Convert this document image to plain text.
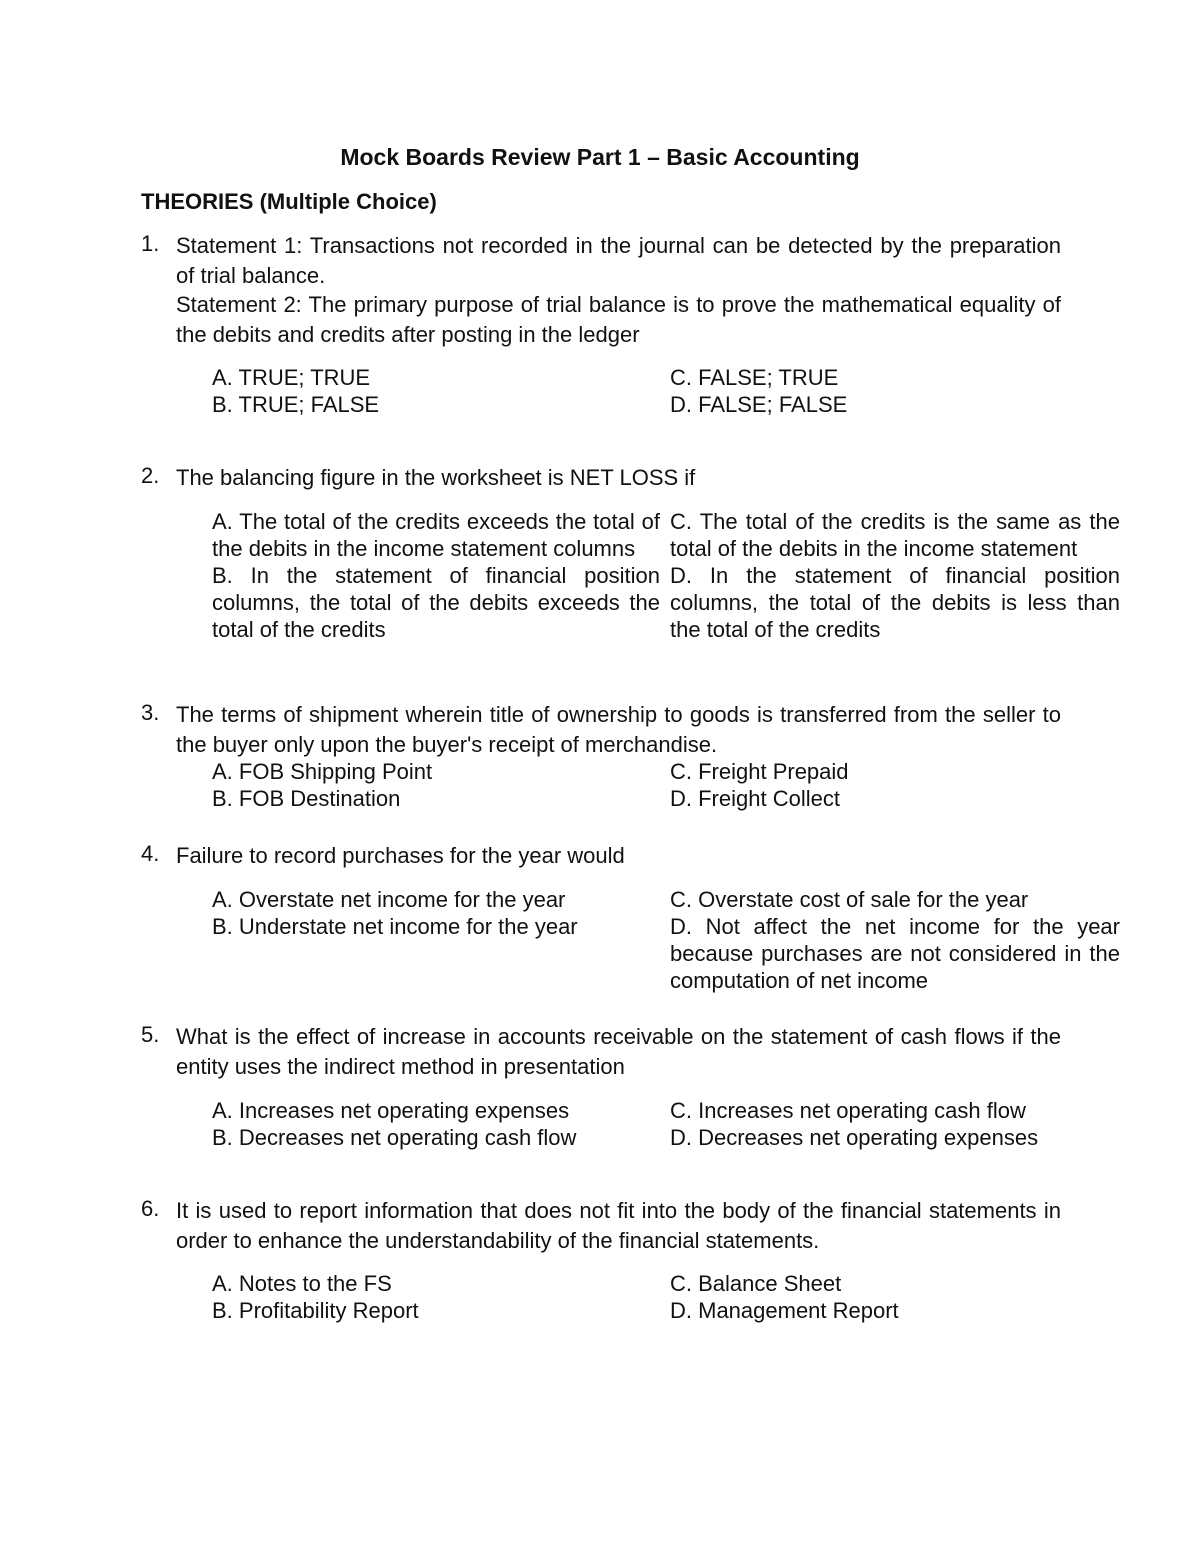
Mock Boards Review Part 1 – Basic Accounting
THEORIES (Multiple Choice)
1. Statement 1: Transactions not recorded in the journal can be detected by the preparation of trial balance.

Statement 2: The primary purpose of trial balance is to prove the mathematical equality of the debits and credits after posting in the ledger

A. TRUE; TRUE	C. FALSE; TRUE
B. TRUE; FALSE	D. FALSE; FALSE
2. The balancing figure in the worksheet is NET LOSS if

A. The total of the credits exceeds the total of the debits in the income statement columns
C. The total of the credits is the same as the total of the debits in the income statement
B. In the statement of financial position columns, the total of the debits exceeds the total of the credits
D. In the statement of financial position columns, the total of the debits is less than the total of the credits
3. The terms of shipment wherein title of ownership to goods is transferred from the seller to the buyer only upon the buyer's receipt of merchandise.

A. FOB Shipping Point	C. Freight Prepaid
B. FOB Destination	D. Freight Collect
4. Failure to record purchases for the year would

A. Overstate net income for the year	C. Overstate cost of sale for the year
B. Understate net income for the year	D. Not affect the net income for the year because purchases are not considered in the computation of net income
5. What is the effect of increase in accounts receivable on the statement of cash flows if the entity uses the indirect method in presentation

A. Increases net operating expenses	C. Increases net operating cash flow
B. Decreases net operating cash flow	D. Decreases net operating expenses
6. It is used to report information that does not fit into the body of the financial statements in order to enhance the understandability of the financial statements.

A. Notes to the FS	C. Balance Sheet
B. Profitability Report	D. Management Report
